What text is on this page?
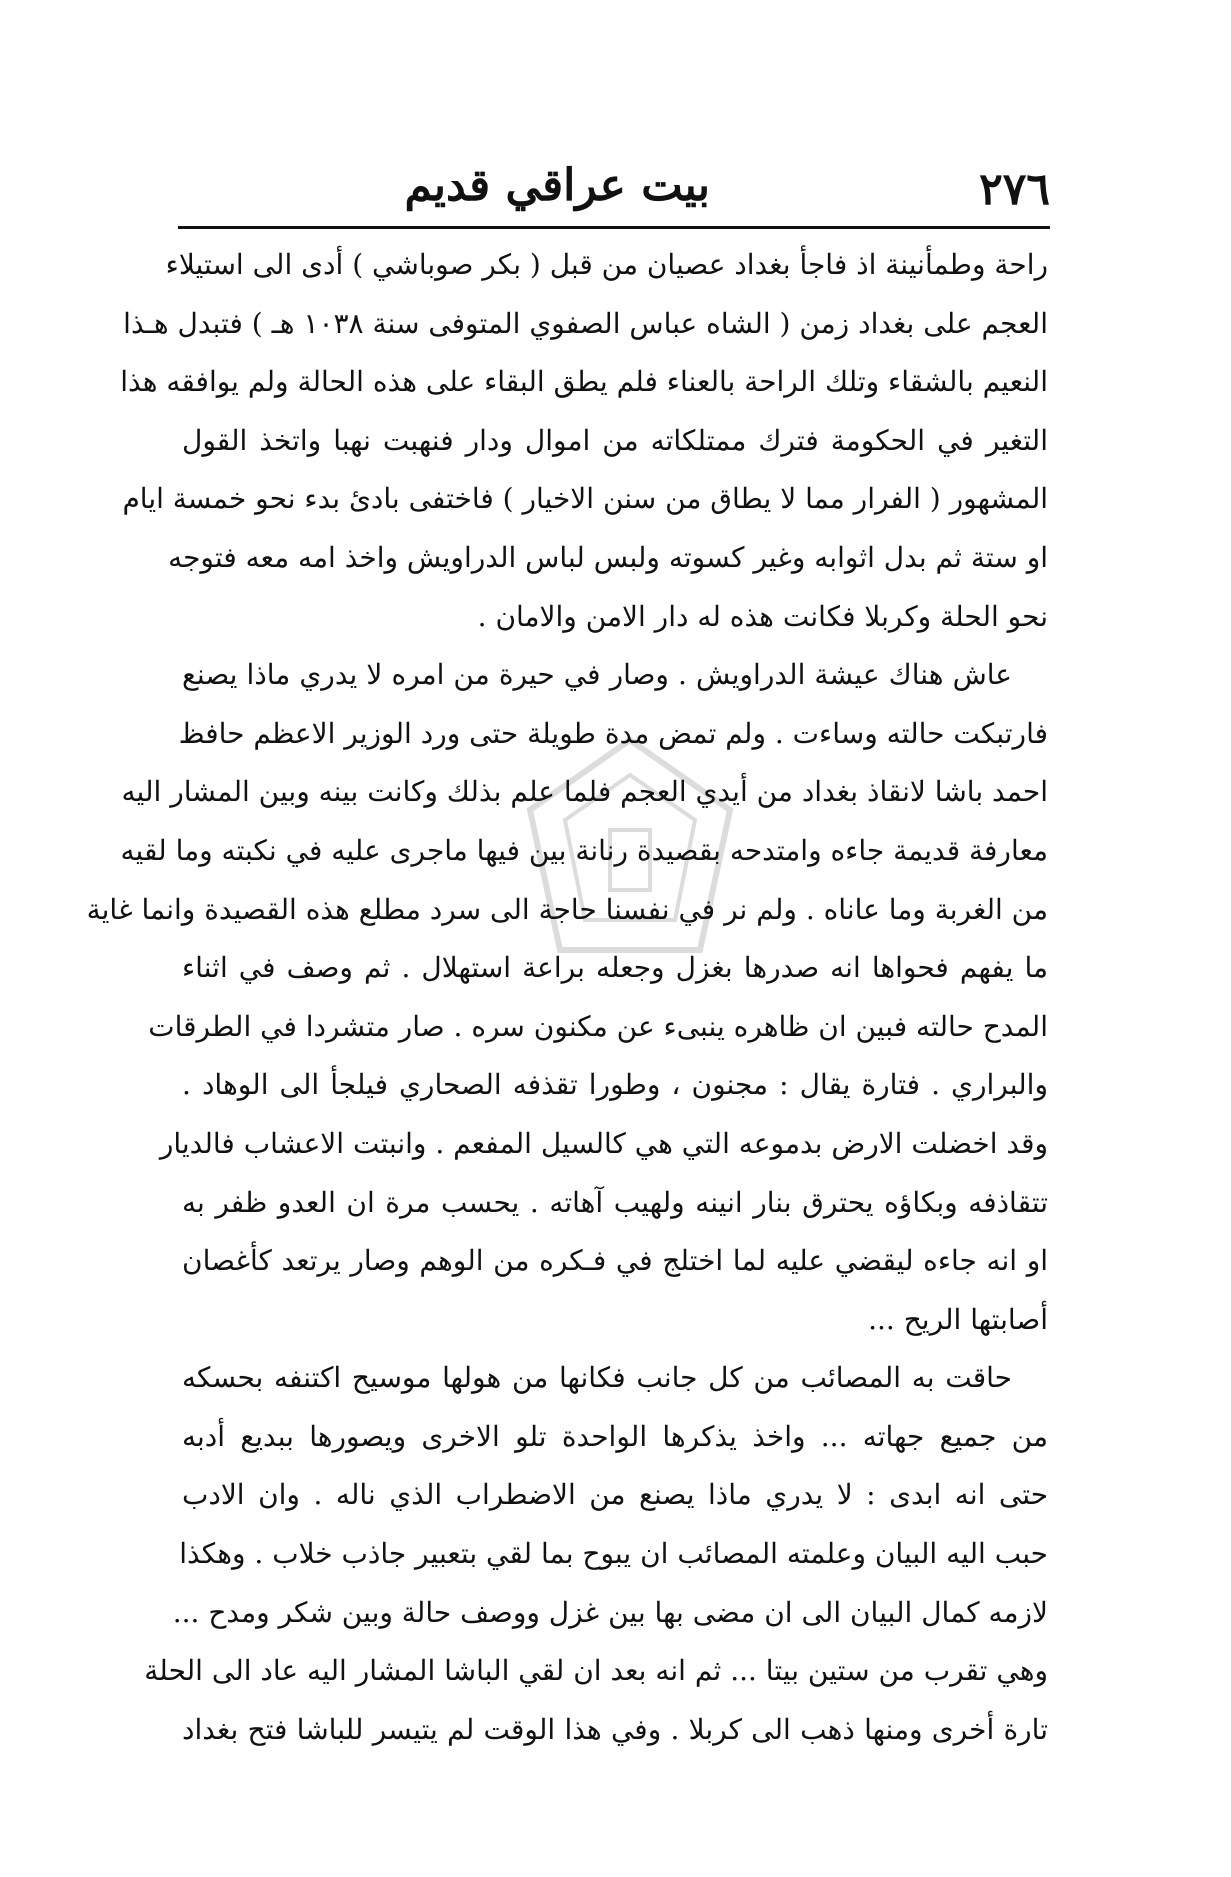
٢٧٦
بيت عراقي قديم
راحة وطمأنينة اذ فاجأ بغداد عصيان من قبل ( بكر صوباشي ) أدى الى استيلاء
العجم على بغداد زمن ( الشاه عباس الصفوي المتوفى سنة ١٠٣٨ هـ ) فتبدل هـذا
النعيم بالشقاء وتلك الراحة بالعناء فلم يطق البقاء على هذه الحالة ولم يوافقه هذا
التغير في الحكومة فترك ممتلكاته من اموال ودار فنهبت نهبا واتخذ القول
المشهور ( الفرار مما لا يطاق من سنن الاخيار ) فاختفى بادئ بدء نحو خمسة ايام
او ستة ثم بدل اثوابه وغير كسوته ولبس لباس الدراويش واخذ امه معه فتوجه
نحو الحلة وكربلا فكانت هذه له دار الامن والامان .
عاش هناك عيشة الدراويش . وصار في حيرة من امره لا يدري ماذا يصنع
فارتبكت حالته وساءت . ولم تمض مدة طويلة حتى ورد الوزير الاعظم حافظ
احمد باشا لانقاذ بغداد من أيدي العجم فلما علم بذلك وكانت بينه وبين المشار اليه
معارفة قديمة جاءه وامتدحه بقصيدة رنانة بين فيها ماجرى عليه في نكبته وما لقيه
من الغربة وما عاناه . ولم نر في نفسنا حاجة الى سرد مطلع هذه القصيدة وانما غاية
ما يفهم فحواها انه صدرها بغزل وجعله براعة استهلال . ثم وصف في اثناء
المدح حالته فبين ان ظاهره ينبىء عن مكنون سره . صار متشردا في الطرقات
والبراري . فتارة يقال : مجنون ، وطورا تقذفه الصحاري فيلجأ الى الوهاد .
وقد اخضلت الارض بدموعه التي هي كالسيل المفعم . وانبتت الاعشاب فالديار
تتقاذفه وبكاؤه يحترق بنار انينه ولهيب آهاته . يحسب مرة ان العدو ظفر به
او انه جاءه ليقضي عليه لما اختلج في فـكره من الوهم وصار يرتعد كأغصان
أصابتها الريح ...
حاقت به المصائب من كل جانب فكانها من هولها موسيح اكتنفه بحسكه
من جميع جهاته ... واخذ يذكرها الواحدة تلو الاخرى ويصورها ببديع أدبه
حتى انه ابدى : لا يدري ماذا يصنع من الاضطراب الذي ناله . وان الادب
حبب اليه البيان وعلمته المصائب ان يبوح بما لقي بتعبير جاذب خلاب . وهكذا
لازمه كمال البيان الى ان مضى بها بين غزل ووصف حالة وبين شكر ومدح ...
وهي تقرب من ستين بيتا ... ثم انه بعد ان لقي الباشا المشار اليه عاد الى الحلة
تارة أخرى ومنها ذهب الى كربلا . وفي هذا الوقت لم يتيسر للباشا فتح بغداد
